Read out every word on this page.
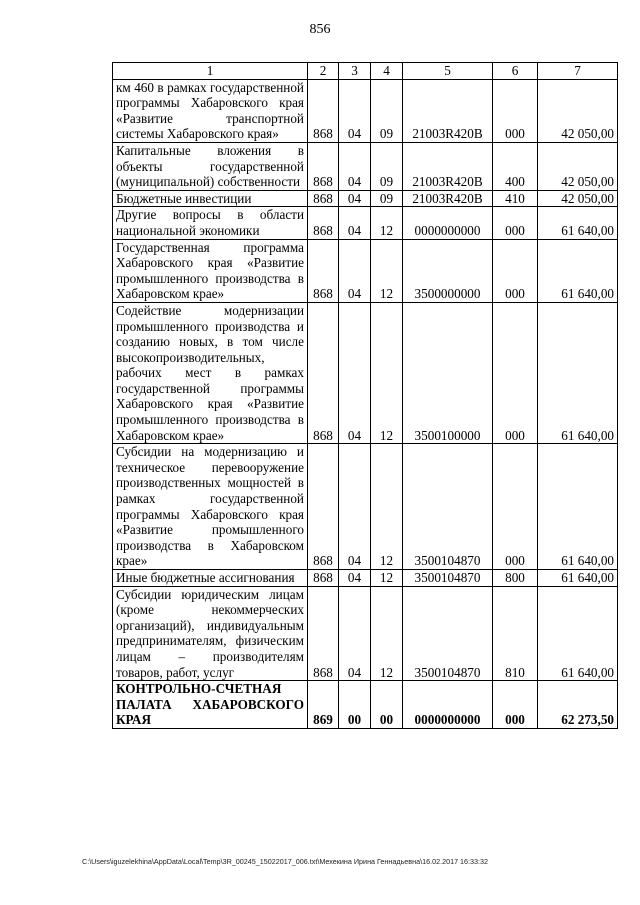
856
1	2	3	4	5	6	7
км 460 в рамках государственной программы Хабаровского края «Развитие транспортной системы Хабаровского края»	868	04	09	21003R420B	000	42 050,00
Капитальные вложения в объекты государственной (муниципальной) собственности	868	04	09	21003R420B	400	42 050,00
Бюджетные инвестиции	868	04	09	21003R420B	410	42 050,00
Другие вопросы в области национальной экономики	868	04	12	0000000000	000	61 640,00
Государственная программа Хабаровского края «Развитие промышленного производства в Хабаровском крае»	868	04	12	3500000000	000	61 640,00
Содействие модернизации промышленного производства и созданию новых, в том числе высокопроизводительных, рабочих мест в рамках государственной программы Хабаровского края «Развитие промышленного производства в Хабаровском крае»	868	04	12	3500100000	000	61 640,00
Субсидии на модернизацию и техническое перевооружение производственных мощностей в рамках государственной программы Хабаровского края «Развитие промышленного производства в Хабаровском крае»	868	04	12	3500104870	000	61 640,00
Иные бюджетные ассигнования	868	04	12	3500104870	800	61 640,00
Субсидии юридическим лицам (кроме некоммерческих организаций), индивидуальным предпринимателям, физическим лицам – производителям товаров, работ, услуг	868	04	12	3500104870	810	61 640,00
КОНТРОЛЬНО-СЧЕТНАЯ ПАЛАТА ХАБАРОВСКОГО КРАЯ	869	00	00	0000000000	000	62 273,50
C:\Users\iguzelekhina\AppData\Local\Temp\3R_00245_15022017_006.txt\Мехекина Ирина Геннадьевна\16.02.2017 16:33:32
